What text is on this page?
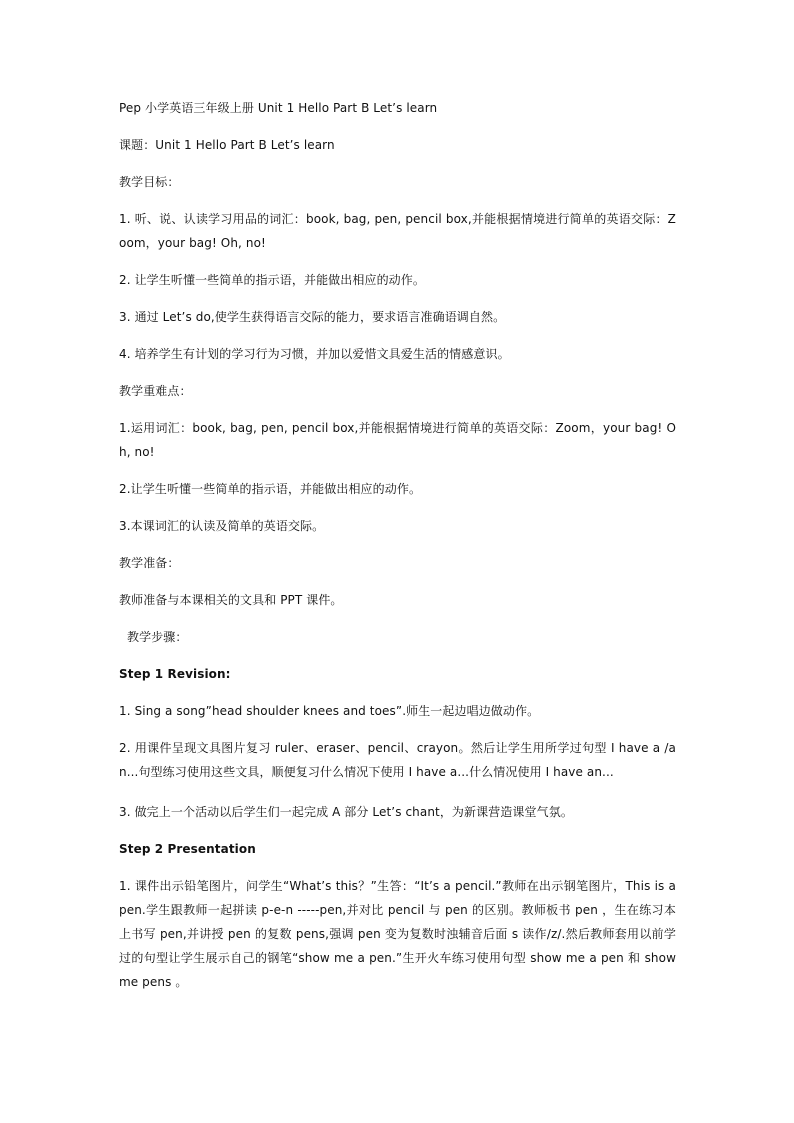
Pep 小学英语三年级上册 Unit 1 Hello Part B Let’s learn

课题：Unit 1 Hello Part B Let’s learn

教学目标：

1. 听、说、认读学习用品的词汇：book, bag, pen, pencil box,并能根据情境进行简单的英语交际：Zoom，your bag! Oh, no!

2. 让学生听懂一些简单的指示语，并能做出相应的动作。

3. 通过 Let’s do,使学生获得语言交际的能力，要求语言准确语调自然。

4. 培养学生有计划的学习行为习惯，并加以爱惜文具爱生活的情感意识。

教学重难点：

1.运用词汇：book, bag, pen, pencil box,并能根据情境进行简单的英语交际：Zoom，your bag! Oh, no!

2.让学生听懂一些简单的指示语，并能做出相应的动作。

3.本课词汇的认读及简单的英语交际。

教学准备：

教师准备与本课相关的文具和 PPT 课件。

教学步骤：

Step 1 Revision:

1. Sing a song”head shoulder knees and toes”.师生一起边唱边做动作。

2. 用课件呈现文具图片复习 ruler、eraser、pencil、crayon。然后让学生用所学过句型 I have a /an...句型练习使用这些文具，顺便复习什么情况下使用 I have a...什么情况使用 I have an...

3. 做完上一个活动以后学生们一起完成 A 部分 Let’s chant，为新课营造课堂气氛。

Step 2 Presentation

1. 课件出示铅笔图片，问学生“What’s this？”生答：“It’s a pencil.”教师在出示钢笔图片，This is a pen.学生跟教师一起拼读 p-e-n -----pen,并对比 pencil 与 pen 的区别。教师板书 pen ，生在练习本上书写 pen,并讲授 pen 的复数 pens,强调 pen 变为复数时浊辅音后面 s 读作/z/.然后教师套用以前学过的句型让学生展示自己的钢笔“show me a pen.”生开火车练习使用句型 show me a pen 和 show me pens 。
